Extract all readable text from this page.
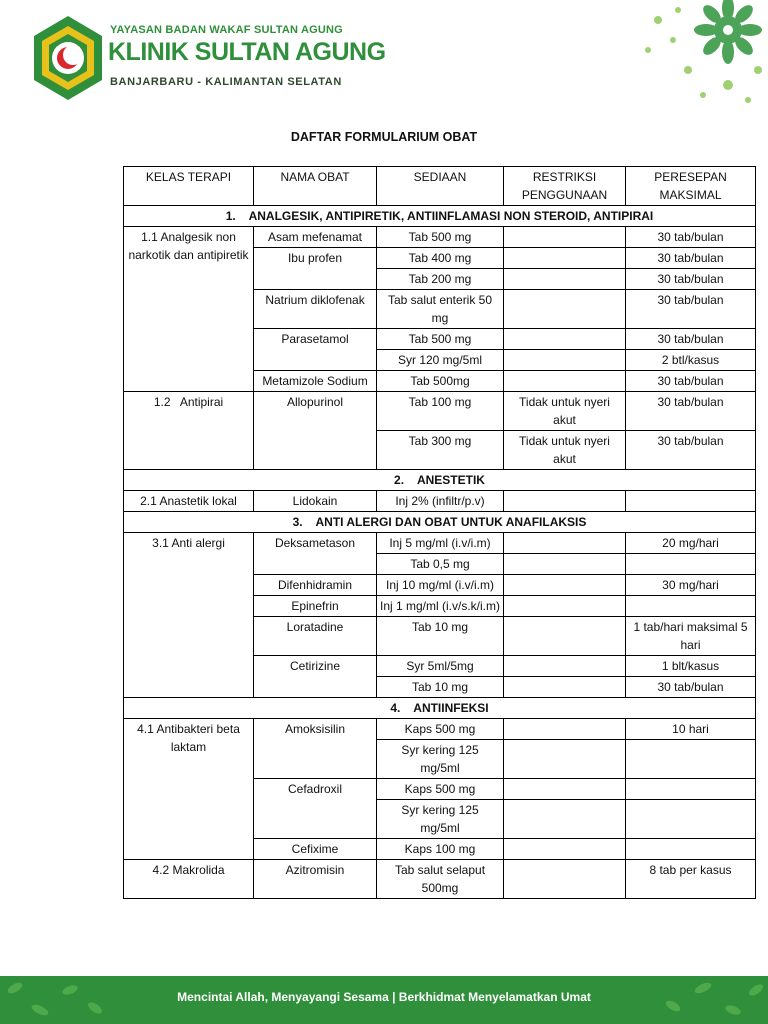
YAYASAN BADAN WAKAF SULTAN AGUNG
KLINIK SULTAN AGUNG
BANJARBARU - KALIMANTAN SELATAN
DAFTAR FORMULARIUM OBAT
KELAS TERAPI	NAMA OBAT	SEDIAAN	RESTRIKSI PENGGUNAAN	PERESEPAN MAKSIMAL
1.    ANALGESIK, ANTIPIRETIK, ANTIINFLAMASI NON STEROID, ANTIPIRAI				
1.1 Analgesik non narkotik dan antipiretik	Asam mefenamat	Tab 500 mg		30 tab/bulan
	Ibu profen	Tab 400 mg		30 tab/bulan
		Tab 200 mg		30 tab/bulan
	Natrium diklofenak	Tab salut enterik 50 mg		30 tab/bulan
	Parasetamol	Tab 500 mg		30 tab/bulan
		Syr 120 mg/5ml		2 btl/kasus
	Metamizole Sodium	Tab 500mg		30 tab/bulan
1.2   Antipirai	Allopurinol	Tab 100 mg	Tidak untuk nyeri akut	30 tab/bulan
		Tab 300 mg	Tidak untuk nyeri akut	30 tab/bulan
2.    ANESTETIK				
2.1 Anastetik lokal	Lidokain	Inj 2% (infiltr/p.v)		
3.    ANTI ALERGI DAN OBAT UNTUK ANAFILAKSIS				
3.1 Anti alergi	Deksametason	Inj 5 mg/ml (i.v/i.m)		20 mg/hari
		Tab 0,5 mg		
	Difenhidramin	Inj 10 mg/ml (i.v/i.m)		30 mg/hari
	Epinefrin	Inj 1 mg/ml (i.v/s.k/i.m)		
	Loratadine	Tab 10 mg		1 tab/hari maksimal 5 hari
	Cetirizine	Syr 5ml/5mg		1 blt/kasus
		Tab 10 mg		30 tab/bulan
4.    ANTIINFEKSI				
4.1 Antibakteri beta laktam	Amoksisilin	Kaps 500 mg		10 hari
		Syr kering 125 mg/5ml		
	Cefadroxil	Kaps 500 mg		
		Syr kering 125 mg/5ml		
	Cefixime	Kaps 100 mg		
4.2 Makrolida	Azitromisin	Tab salut selaput 500mg		8 tab per kasus
Mencintai Allah, Menyayangi Sesama | Berkhidmat Menyelamatkan Umat
